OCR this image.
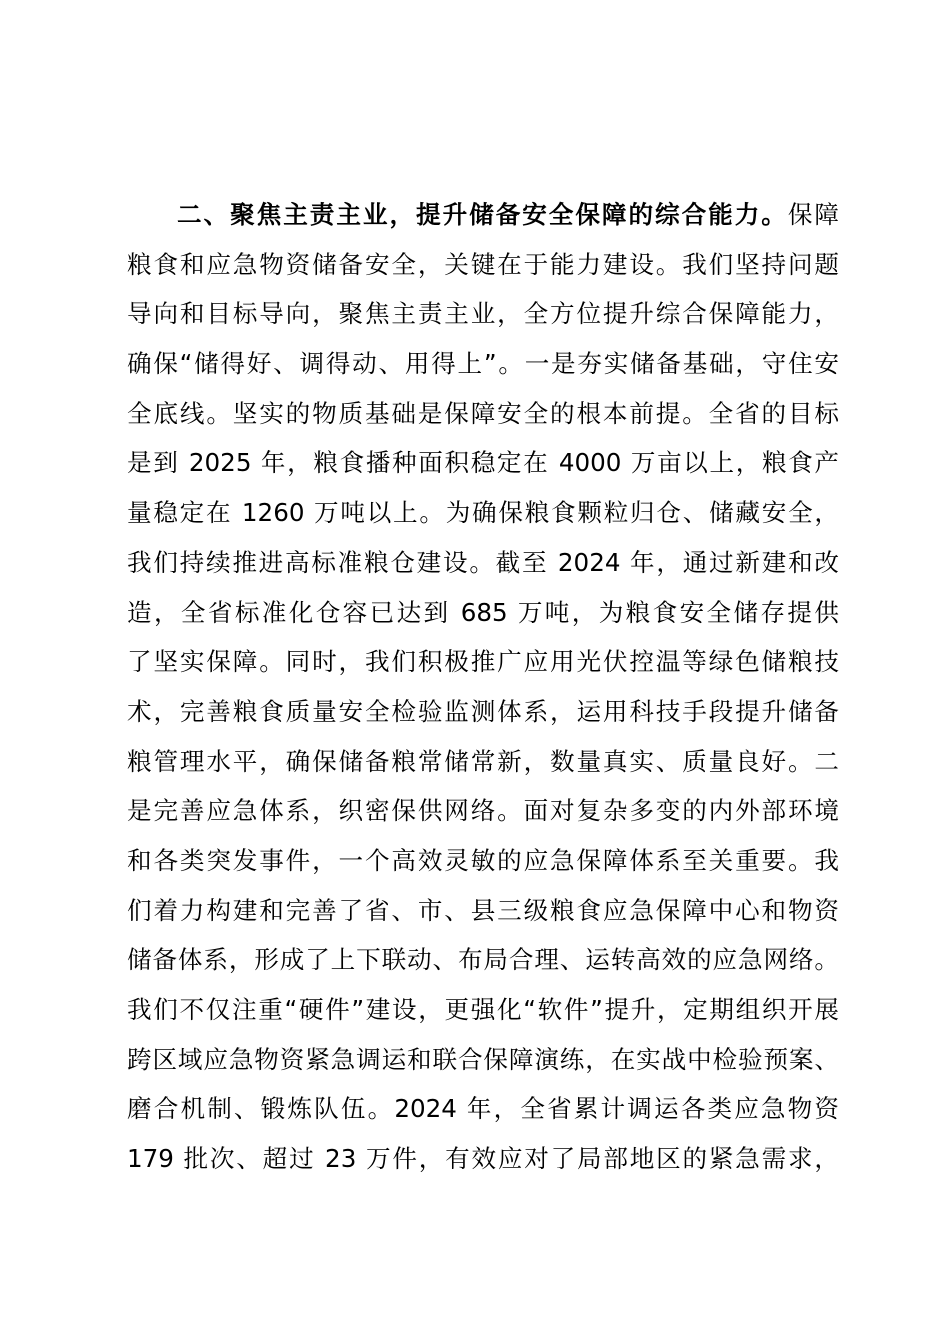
二、聚焦主责主业，提升储备安全保障的综合能力。保障
粮食和应急物资储备安全，关键在于能力建设。我们坚持问题
导向和目标导向，聚焦主责主业，全方位提升综合保障能力，
确保“储得好、调得动、用得上”。一是夯实储备基础，守住安
全底线。坚实的物质基础是保障安全的根本前提。全省的目标
是到 2025 年，粮食播种面积稳定在 4000 万亩以上，粮食产
量稳定在 1260 万吨以上。为确保粮食颗粒归仓、储藏安全，
我们持续推进高标准粮仓建设。截至 2024 年，通过新建和改
造，全省标准化仓容已达到 685 万吨，为粮食安全储存提供
了坚实保障。同时，我们积极推广应用光伏控温等绿色储粮技
术，完善粮食质量安全检验监测体系，运用科技手段提升储备
粮管理水平，确保储备粮常储常新，数量真实、质量良好。二
是完善应急体系，织密保供网络。面对复杂多变的内外部环境
和各类突发事件，一个高效灵敏的应急保障体系至关重要。我
们着力构建和完善了省、市、县三级粮食应急保障中心和物资
储备体系，形成了上下联动、布局合理、运转高效的应急网络。
我们不仅注重“硬件”建设，更强化“软件”提升，定期组织开展
跨区域应急物资紧急调运和联合保障演练，在实战中检验预案、
磨合机制、锻炼队伍。2024 年，全省累计调运各类应急物资
179 批次、超过 23 万件，有效应对了局部地区的紧急需求，
